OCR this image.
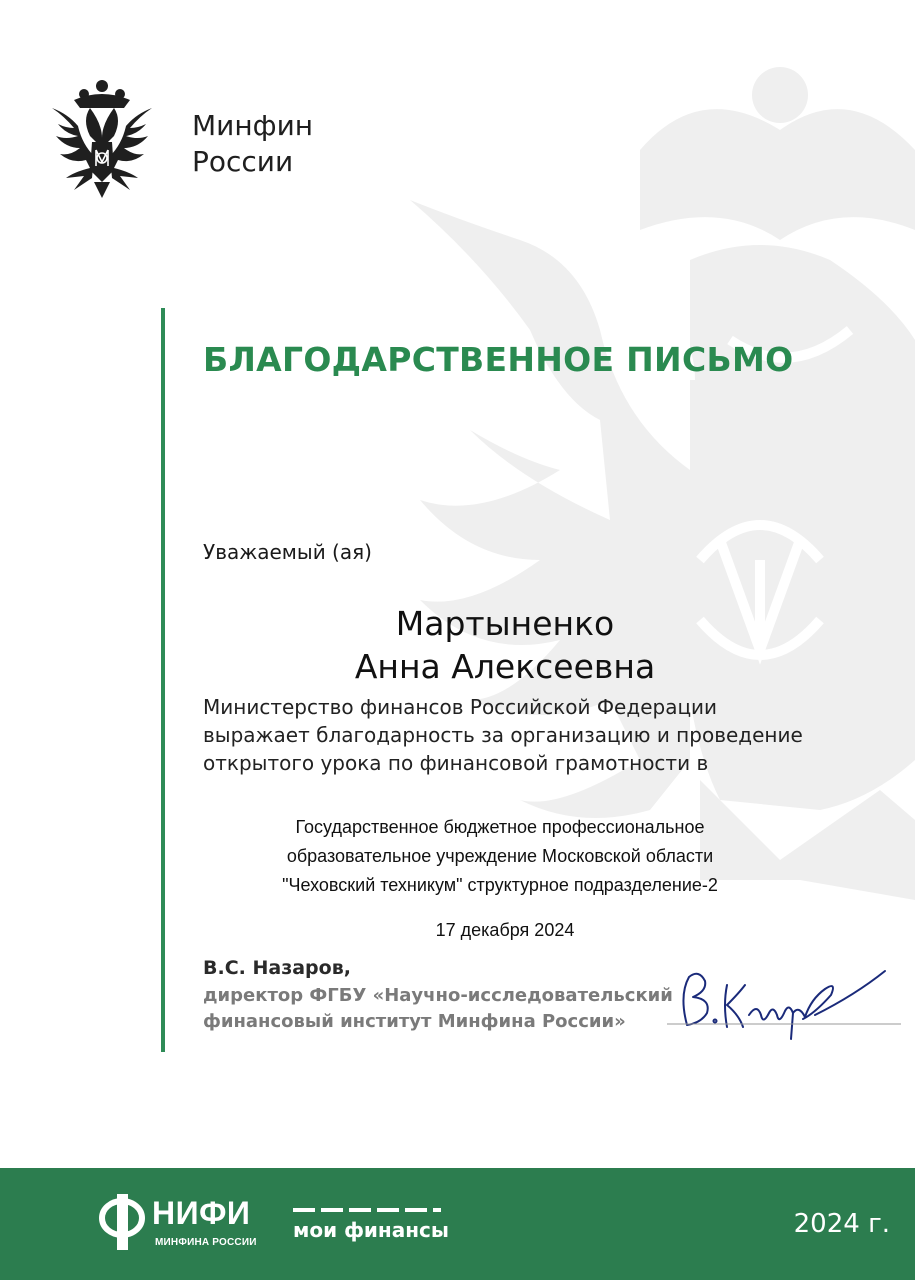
Минфин
России
БЛАГОДАРСТВЕННОЕ ПИСЬМО
Уважаемый (ая)
Мартыненко
Анна Алексеевна
Министерство финансов Российской Федерации
выражает благодарность за организацию и проведение
открытого урока по финансовой грамотности в
Государственное бюджетное профессиональное
образовательное учреждение Московской области
"Чеховский техникум" структурное подразделение-2
17 декабря 2024
В.С. Назаров,
директор ФГБУ «Научно-исследовательский
финансовый институт Минфина России»
НИФИ
МИНФИНА РОССИИ
мои финансы	2024 г.
